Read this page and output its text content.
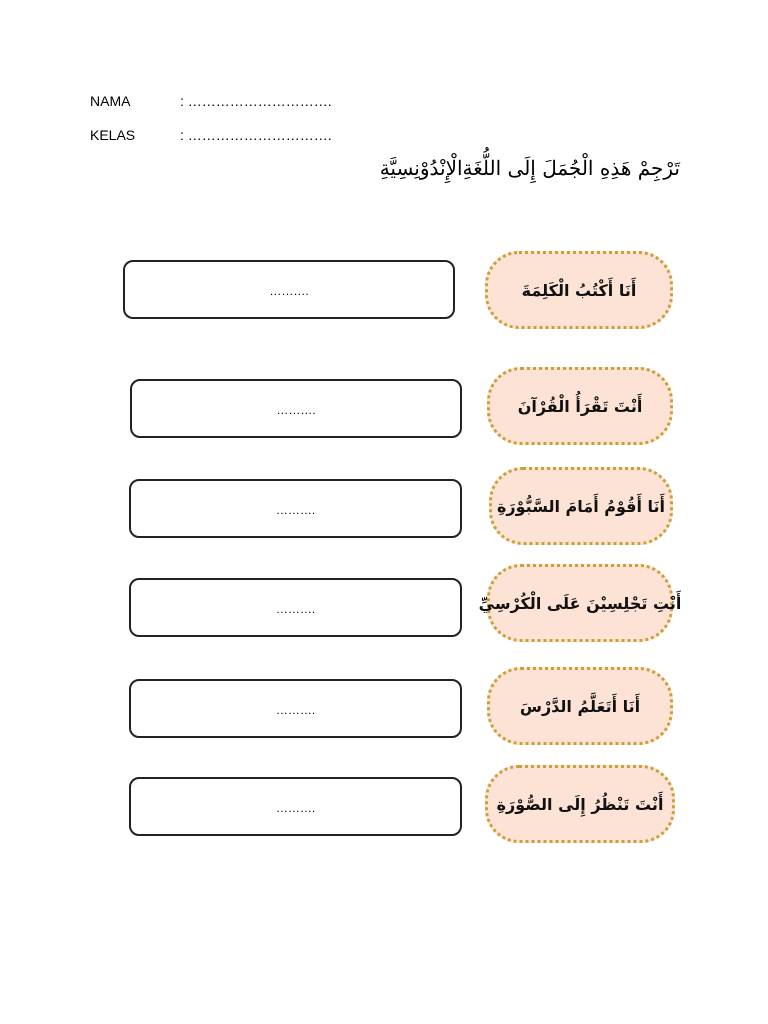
NAMA	: ………………………….
KELAS	: ………………………….
تَرْجِمْ هَذِهِ الْجُمَلَ إِلَى اللُّغَةِالْإِنْدُوْنِسِيَّةِ
……….	أَنَا أَكْتُبُ الْكَلِمَةَ
……….	أَنْتَ تَقْرَأُ الْقُرْآنَ
……….	أَنَا أَقُوْمُ أَمَامَ السَّبُّوْرَةِ
……….	أَنْتِ تَجْلِسِيْنَ عَلَى الْكُرْسِيِّ
……….	أَنَا أَتَعَلَّمُ الدَّرْسَ
……….	أَنْتَ تَنْظُرُ إِلَى الصُّوْرَةِ
